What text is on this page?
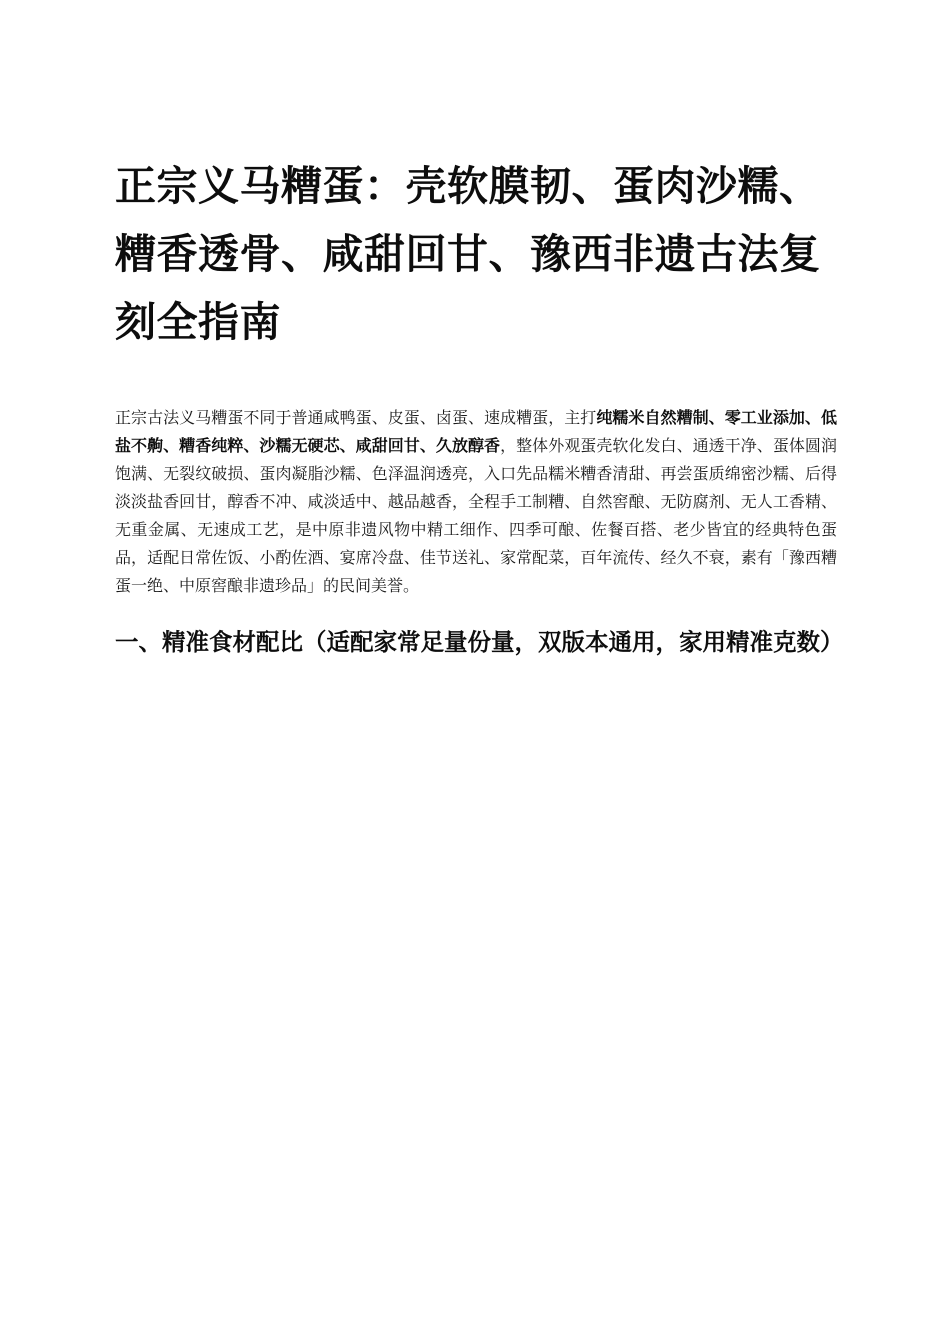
正宗义马糟蛋：壳软膜韧、蛋肉沙糯、糟香透骨、咸甜回甘、豫西非遗古法复刻全指南

正宗古法义马糟蛋不同于普通咸鸭蛋、皮蛋、卤蛋、速成糟蛋，主打纯糯米自然糟制、零工业添加、低盐不齁、糟香纯粹、沙糯无硬芯、咸甜回甘、久放醇香，整体外观蛋壳软化发白、通透干净、蛋体圆润饱满、无裂纹破损、蛋肉凝脂沙糯、色泽温润透亮，入口先品糯米糟香清甜、再尝蛋质绵密沙糯、后得淡淡盐香回甘，醇香不冲、咸淡适中、越品越香，全程手工制糟、自然窖酿、无防腐剂、无人工香精、无重金属、无速成工艺，是中原非遗风物中精工细作、四季可酿、佐餐百搭、老少皆宜的经典特色蛋品，适配日常佐饭、小酌佐酒、宴席冷盘、佳节送礼、家常配菜，百年流传、经久不衰，素有「豫西糟蛋一绝、中原窖酿非遗珍品」的民间美誉。

一、精准食材配比（适配家常足量份量，双版本通用，家用精准克数）
